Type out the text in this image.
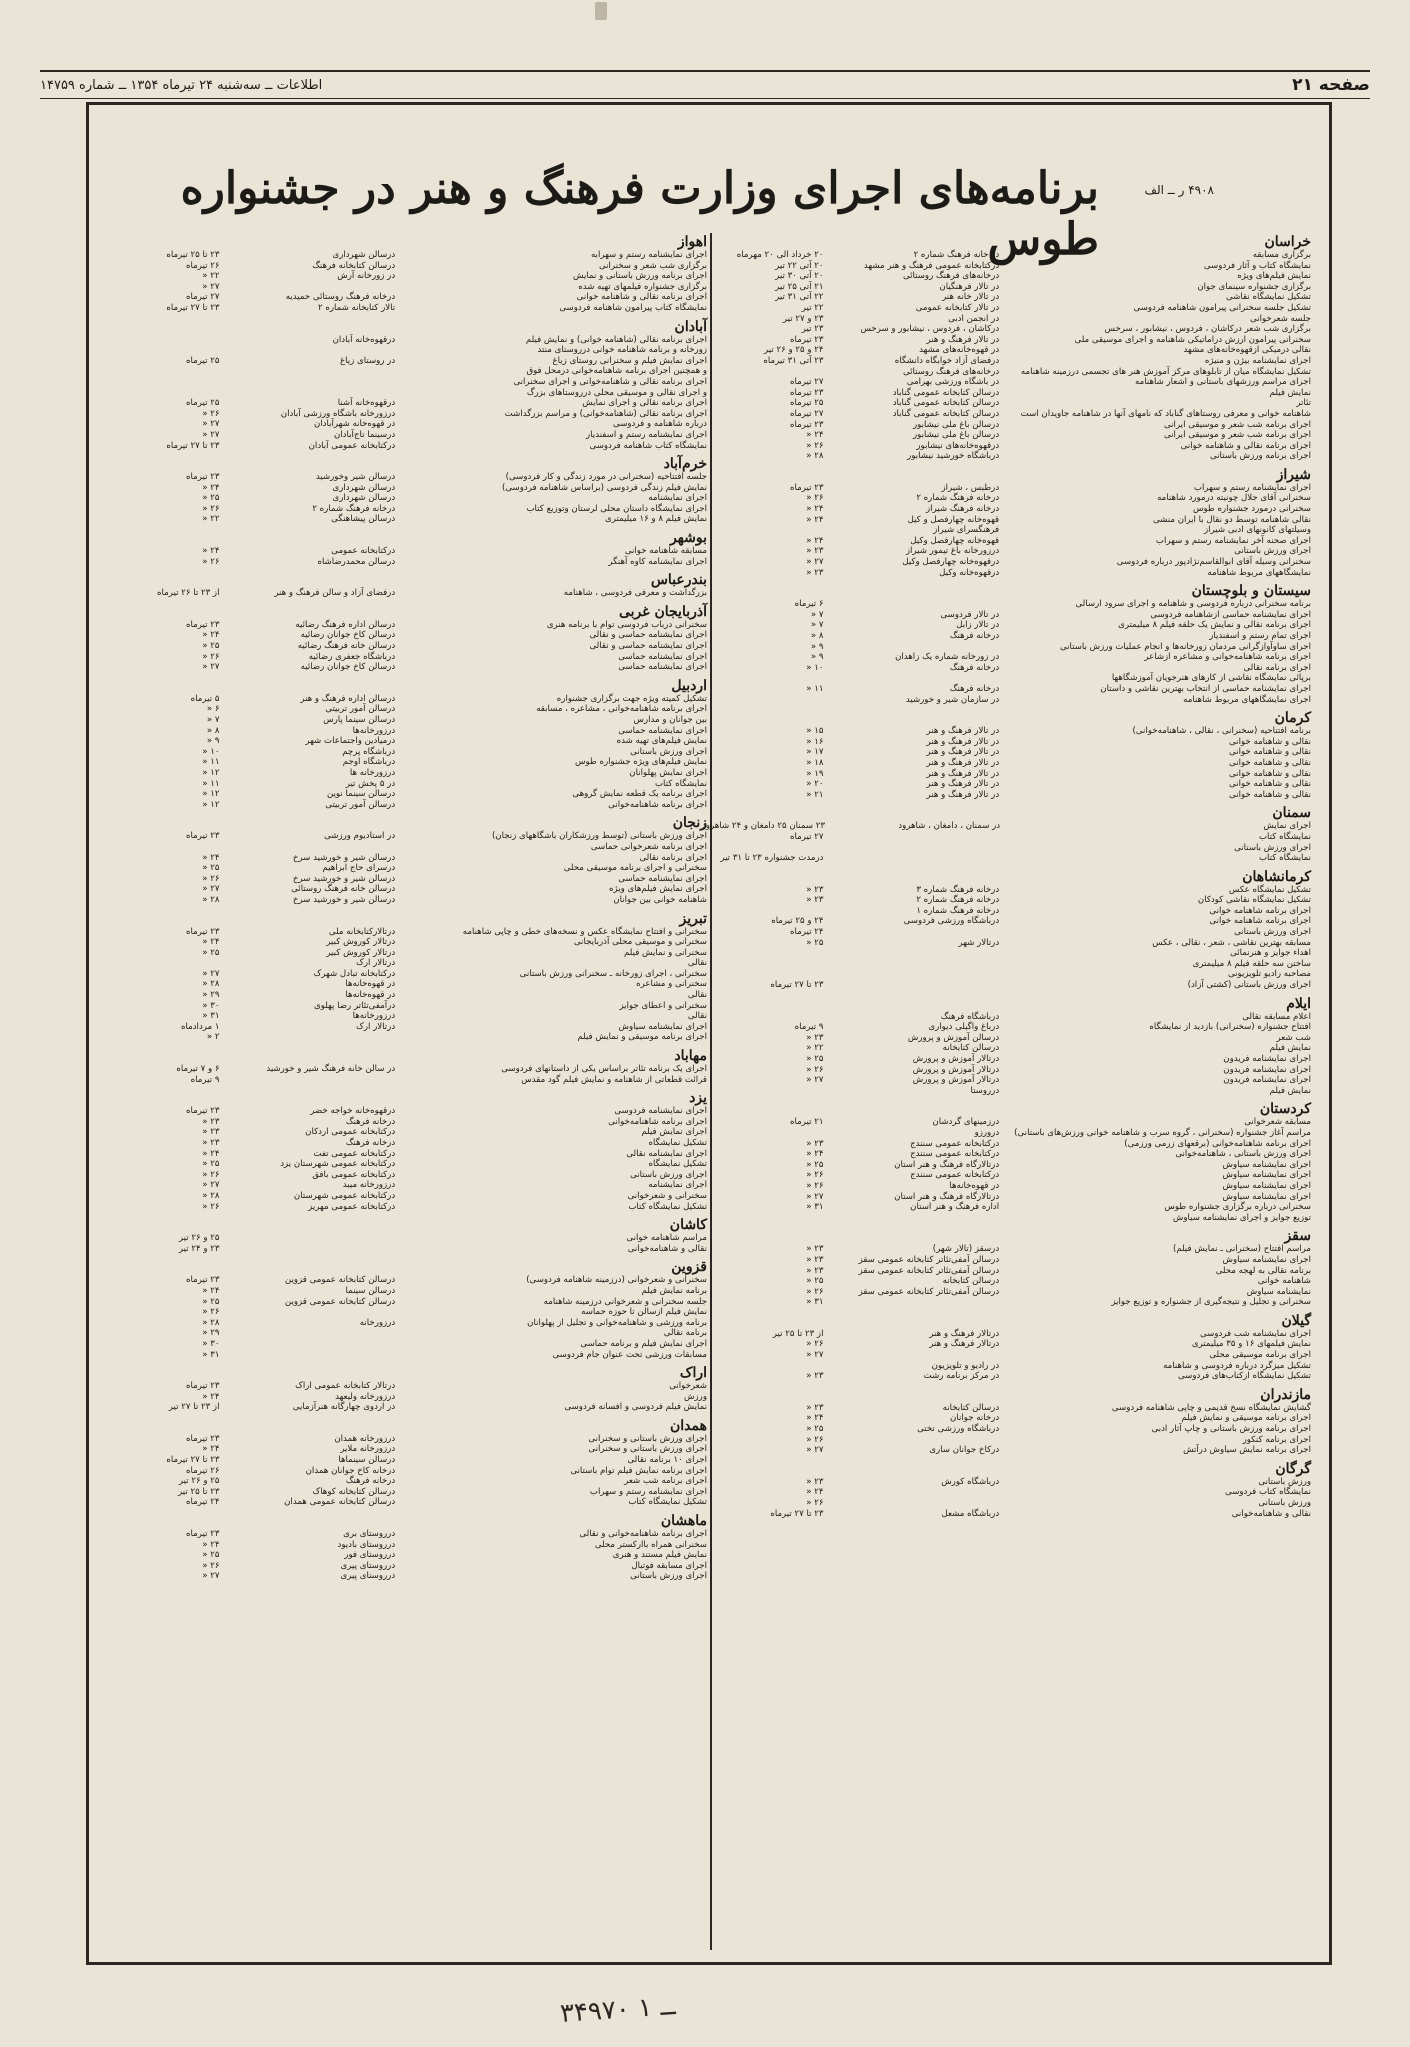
صفحه ۲۱
اطلاعات ــ سه‌شنبه ۲۴ تیرماه ۱۳۵۴ ــ شماره ۱۴۷۵۹
برنامه‌های اجرای وزارت فرهنگ و هنر در جشنواره طوس
۴۹۰۸ ر ــ الف
خراسان
برگزاری مسابقه
در خانه فرهنگ شماره ۲
۲۰ خرداد الی ۲۰ مهرماه
نمایشگاه کتاب و آثار فردوسی
درکتابخانه عمومی فرهنگ و هنر مشهد
۲۰ آتی ۲۲ تیر
نمایش فیلم‌های ویژه
درخانه‌های فرهنگ روستائی
۲۰ آتی ۳۰ تیر
برگزاری جشنواره سینمای جوان
در تالار فرهنگیان
۲۱ آتی ۲۵ تیر
تشکیل نمایشگاه نقاشی
در تالار خانه هنر
۲۲ آتی ۳۱ تیر
تشکیل جلسه سخنرانی پیرامون شاهنامه فردوسی
در تالار کتابخانه عمومی
۲۲ تیر
جلسه شعرخوانی
در انجمن ادبی
۲۳ و ۲۷ تیر
برگزاری شب شعر درکاشان ، فردوس ، نیشابور ، سرخس
درکاشان ، فردوس ، نیشابور و سرخس
۲۳ تیر
سخنرانی پیرامون ارزش دراماتیکی شاهنامه و اجرای موسیقی ملی
در تالار فرهنگ و هنر
۲۳ تیرماه
نقالی درمیکی ازقهوه‌خانه‌های مشهد
در قهوه‌خانه‌های مشهد
۲۴ و ۲۵ و ۲۶ تیر
اجرای نمایشنامه بیژن و منیژه
درفضای آزاد خوابگاه دانشگاه
۲۳ آتی ۳۱ تیرماه
تشکیل نمایشگاه میان از تابلو‌های مرکز آموزش هنر های تجسمی درزمینه شاهنامه
درخانه‌های فرهنگ روستائی
اجرای مراسم ورزشهای باستانی و اشعار شاهنامه
در باشگاه ورزشی بهرامی
۲۷ تیرماه
نمایش فیلم
درسالن کتابخانه عمومی گناباد
۲۳ تیرماه
تئاتر
درسالن کتابخانه عمومی گناباد
۲۵ تیرماه
شاهنامه خوانی و معرفی روستاهای گناباد که نامهای آنها در شاهنامه جاویدان است
درسالن کتابخانه عمومی گناباد
۲۷ تیرماه
اجرای برنامه شب شعر و موسیقی ایرانی
درسالن باغ ملی نیشابور
۲۳ تیرماه
اجرای برنامه شب شعر و موسیقی ایرانی
درسالن باغ ملی نیشابور
۲۴ «
اجرای برنامه نقالی و شاهنامه خوانی
درقهوه‌خانه‌های نیشابور
۲۶ «
اجرای برنامه ورزش باستانی
درباشگاه خورشید نیشابور
۲۸ «
شیراز
اجرای نمایشنامه رستم و سهراب
درطبس ، شیراز
۲۳ تیرماه
سخنرانی آقای جلال چونیته درمورد شاهنامه
درخانه فرهنگ شماره ۲
۲۶ «
سخنرانی درمورد جشنواره طوس
درخانه فرهنگ شیراز
۲۴ «
نقالی شاهنامه توسط دو نقال با ایران منشی
قهوه‌خانه چهارفصل و کیل
۲۴ «
وسیلتهای کانونهای ادبی شیراز
فرهنگسرای شیراز
اجرای صحنه آخر نمایشنامه رستم و سهراب
قهوه‌خانه چهارفصل وکیل
۲۴ «
اجرای ورزش باستانی
درزورخانه باغ تیمور شیراز
۲۳ «
سخنرانی وسیله آقای ابوالقاسم‌نژادپور درباره فردوسی
درقهوه‌خانه چهارفصل وکیل
۲۷ «
نمایشگاههای مربوط شاهنامه
درقهوه‌خانه وکیل
۲۳ «
سیستان و بلوچستان
برنامه سخنرانی درباره فردوسی و شاهنامه و اجرای سرود ارسالی
۶ تیرماه
اجرای نمایشنامه حماسی ازشاهنامه فردوسی
در تالار فردوسی
۷ «
اجرای برنامه نقالی و نمایش یک حلقه فیلم ۸ میلیمتری
در تالار زابل
۷ «
اجرای تمام رستم و اسفندیار
درخانه فرهنگ
۸ «
اجرای ساوآوازگرانی مردمان زورخانه‌ها و انجام عملیات ورزش باستانی
۹ «
اجرای برنامه شاهنامه‌خوانی و مشاعره ازشاعر
در زورخانه شماره یک زاهدان
۹ «
اجرای برنامه نقالی
درخانه فرهنگ
۱۰ «
برپائی نمایشگاه نقاشی از کارهای هنرجویان آموزشگاهها
اجرای نمایشنامه حماسی از انتخاب بهترین نقاشی و داستان
درخانه فرهنگ
۱۱ «
اجرای نمایشگاههای مربوط شاهنامه
در سازمان شیر و خورشید
کرمان
برنامه افتتاحیه (سخنرانی ، نقالی ، شاهنامه‌خوانی)
در تالار فرهنگ و هنر
۱۵ «
نقالی و شاهنامه خوانی
در تالار فرهنگ و هنر
۱۶ «
نقالی و شاهنامه خوانی
در تالار فرهنگ و هنر
۱۷ «
نقالی و شاهنامه خوانی
در تالار فرهنگ و هنر
۱۸ «
نقالی و شاهنامه خوانی
در تالار فرهنگ و هنر
۱۹ «
نقالی و شاهنامه خوانی
در تالار فرهنگ و هنر
۲۰ «
نقالی و شاهنامه خوانی
در تالار فرهنگ و هنر
۲۱ «
سمنان
اجرای نمایش
در سمنان ، دامغان ، شاهرود
۲۳ سمنان ۲۵ دامغان و ۲۴ شاهرود
نمایشگاه کتاب
۲۷ تیرماه
اجرای ورزش باستانی
نمایشگاه کتاب
درمدت جشنواره ۲۳ تا ۳۱ تیر
کرمانشاهان
تشکیل نمایشگاه عکس
درخانه فرهنگ شماره ۳
۲۳ «
تشکیل نمایشگاه نقاشی کودکان
درخانه فرهنگ شماره ۲
۲۳ «
اجرای برنامه شاهنامه خوانی
درخانه فرهنگ شماره ۱
اجرای برنامه شاهنامه خوانی
درباشگاه ورزشی فردوسی
۲۴ و ۲۵ تیرماه
اجرای ورزش باستانی
۲۴ تیرماه
مسابقه بهترین نقاشی ، شعر ، نقالی ، عکس
درتالار شهر
۲۵ «
اهداء جوایز و هنرنمائی
ساختن سه حلقه فیلم ۸ میلیمتری
مصاحبه رادیو تلویزیونی
اجرای ورزش باستانی (کشتی آزاد)
۲۳ تا ۲۷ تیرماه
ایلام
اعلام مسابقه نقالی
درباشگاه فرهنگ
افتتاح جشنواره (سخنرانی) بازدید از نمایشگاه
درباغ واگیلی دیواری
۹ تیرماه
شب شعر
درسالن آموزش و پرورش
۲۳ «
نمایش فیلم
درسالن کتابخانه
۲۲ «
اجرای نمایشنامه فریدون
درتالار آموزش و پرورش
۲۵ «
اجرای نمایشنامه فریدون
درتالار آموزش و پرورش
۲۶ «
اجرای نمایشنامه فریدون
درتالار آموزش و پرورش
۲۷ «
نمایش فیلم
درروستا
کردستان
مسابقه شعرخوانی
درزمینهای گردشان
۲۱ تیرماه
مراسم آغاز جشنواره (سخنرانی ، گروه سرب و شاهنامه خوانی ورزش‌های باستانی)
درورزو
اجرای برنامه شاهنامه‌خوانی (برقعهای زرمی ورزمی)
درکتابخانه عمومی سنندج
۲۳ «
اجرای ورزش باستانی ، شاهنامه‌خوانی
درکتابخانه عمومی سنندج
۲۴ «
اجرای نمایشنامه سیاوش
درتالارگاه فرهنگ و هنر استان
۲۵ «
اجرای نمایشنامه سیاوش
درکتابخانه عمومی سنندج
۲۶ «
اجرای نمایشنامه سیاوش
در قهوه‌خانه‌ها
۲۶ «
اجرای نمایشنامه سیاوش
درتالارگاه فرهنگ و هنر استان
۲۷ «
سخنرانی درباره برگزاری جشنواره طوس
اداره فرهنگ و هنر استان
۳۱ «
توزیع جوایز و اجرای نمایشنامه سیاوش
سقز
مراسم افتتاح (سخنرانی ـ نمایش فیلم)
درسقز (تالار شهر)
۲۳ «
اجرای نمایشنامه سیاوش
درسالن آمفی‌تئاتر کتابخانه عمومی سقز
۲۳ «
برنامه نقالی به لهجه محلی
درسالن آمفی‌تئاتر کتابخانه عمومی سقز
۲۳ «
شاهنامه خوانی
درسالن کتابخانه
۲۵ «
نمایشنامه سیاوش
درسالن آمفی‌تئاتر کتابخانه عمومی سقز
۲۶ «
سخنرانی و تجلیل و نتیجه‌گیری از جشنواره و توزیع جوایز
۳۱ «
گیلان
اجرای نمایشنامه شب فردوسی
درتالار فرهنگ و هنر
از ۲۳ تا ۲۵ تیر
نمایش فیلمهای ۱۶ و ۳۵ میلیمتری
درتالار فرهنگ و هنر
۲۶ «
اجرای برنامه موسیقی محلی
۲۷ «
تشکیل میزگرد درباره فردوسی و شاهنامه
در رادیو و تلویزیون
تشکیل نمایشگاه ازکتاب‌های فردوسی
در مرکز برنامه رشت
۲۳ «
مازندران
گشایش نمایشگاه نسخ قدیمی و چاپی شاهنامه فردوسی
درسالن کتابخانه
۲۳ «
اجرای برنامه موسیقی و نمایش فیلم
درخانه جوانان
۲۴ «
اجرای برنامه ورزش باستانی و چاپ آثار ادبی
درباشگاه ورزشی تختی
۲۵ «
اجرای برنامه کنکور
۲۶ «
اجرای برنامه نمایش سیاوش درآتش
درکاخ جوانان ساری
۲۷ «
گرگان
ورزش باستانی
درباشگاه کورش
۲۳ «
نمایشگاه کتاب فردوسی
۲۴ «
ورزش باستانی
۲۶ «
نقالی و شاهنامه‌خوانی
درباشگاه مشعل
۲۳ تا ۲۷ تیرماه
اهواز
اجرای نمایشنامه رستم و سهرابه
درسالن شهرداری
۲۳ تا ۲۵ تیرماه
برگزاری شب شعر و سخنرانی
درسالن کتابخانه فرهنگ
۲۶ تیرماه
اجرای برنامه ورزش باستانی و نمایش
در زورخانه آرش
۲۲ «
برگزاری جشنواره فیلمهای تهیه شده
۲۷ «
اجرای برنامه نقالی و شاهنامه خوانی
درخانه فرهنگ روستائی حمیدیه
۲۷ تیرماه
نمایشگاه کتاب پیرامون شاهنامه فردوسی
تالار کتابخانه شماره ۲
۲۳ تا ۲۷ تیرماه
آبادان
اجرای برنامه نقالی (شاهنامه خوانی) و نمایش فیلم
درقهوه‌خانه آبادان
زورخانه و برنامه شاهنامه خوانی درروستای منتد
اجرای نمایش فیلم و سخنرانی روستای زیاغ
در روستای زیاغ
۲۵ تیرماه
و همچنین اجرای برنامه شاهنامه‌خوانی درمحل فوق
اجرای برنامه نقالی و شاهنامه‌خوانی و اجرای سخنرانی
و اجرای نقالی و موسیقی محلی درروستاهای بزرگ
اجرای برنامه نقالی و اجرای نمایش
درقهوه‌خانه آشنا
۲۵ تیرماه
اجرای برنامه نقالی (شاهنامه‌خوانی) و مراسم بزرگداشت
درزورخانه باشگاه ورزشی آبادان
۲۶ «
درباره شاهنامه و فردوسی
در قهوه‌خانه شهرآبادان
۲۷ «
اجرای نمایشنامه رستم و اسفندیار
درسینما تاج‌آبادان
۲۷ «
نمایشگاه کتاب شاهنامه فردوسی
درکتابخانه عمومی آبادان
۲۳ تا ۲۷ تیرماه
خرم‌آباد
جلسه افتتاحیه (سخنرانی در مورد زندگی و کار فردوسی)
درسالن شیر وخورشید
۲۳ تیرماه
نمایش فیلم زندگی فردوسی (براساس شاهنامه فردوسی)
درسالن شهرداری
۲۴ «
اجرای نمایشنامه
درسالن شهرداری
۲۵ «
اجرای نمایشگاه داستان محلی لرستان وتوزیع کتاب
درخانه فرهنگ شماره ۲
۲۶ «
نمایش فیلم ۸ و ۱۶ میلیمتری
درسالن پیشاهنگی
۲۲ «
بوشهر
مسابقه شاهنامه خوانی
درکتابخانه عمومی
۲۴ «
اجرای نمایشنامه کاوه آهنگر
درسالن محمدرضاشاه
۲۶ «
بندرعباس
بزرگداشت و معرفی فردوسی ، شاهنامه
درفضای آزاد و سالن فرهنگ و هنر
از ۲۳ تا ۲۶ تیرماه
آذربایجان غربی
سخنرانی درباب فردوسی توام با برنامه هنری
درسالن اداره فرهنگ رضائیه
۲۳ تیرماه
اجرای نمایشنامه حماسی و نقالی
درسالن کاخ جوانان رضائیه
۲۴ «
اجرای نمایشنامه حماسی و نقالی
درسالن خانه فرهنگ رضائیه
۲۵ «
اجرای نمایشنامه حماسی
درباشگاه جعفری رضائیه
۲۶ «
اجرای نمایشنامه حماسی
درسالن کاخ جوانان رضائیه
۲۷ «
اردبیل
تشکیل کمیته ویژه جهت برگزاری جشنواره
درسالن اداره فرهنگ و هنر
۵ تیرماه
اجرای برنامه شاهنامه‌خوانی ، مشاعره ، مسابقه
درسالن آمور تربیتی
۶ «
بین جوانان و مدارس
درسالن سینما پارس
۷ «
اجرای نمایشنامه حماسی
درزورخانه‌ها
۸ «
نمایش فیلم‌های تهیه شده
درمیادین واجتماعات شهر
۹ «
اجرای ورزش باستانی
درباشگاه پرچم
۱۰ «
نمایش فیلم‌های ویژه جشنواره طوس
درباشگاه اوجم
۱۱ «
اجرای نمایش پهلوانان
درزورخانه ها
۱۲ «
نمایشگاه کتاب
در ۵ پخش تیر
۱۱ «
اجرای برنامه یک قطعه نمایش گروهی
درسالن سینما نوین
۱۲ «
اجرای برنامه شاهنامه‌خوانی
درسالن آمور تربیتی
۱۲ «
زنجان
اجرای ورزش باستانی (توسط ورزشکاران باشگاههای زنجان)
در استادیوم ورزشی
۲۳ تیرماه
اجرای برنامه شعرخوانی حماسی
اجرای برنامه نقالی
درسالن شیر و خورشید سرخ
۲۴ «
سخنرانی و اجرای برنامه موسیقی محلی
درسرای حاج ابراهیم
۲۵ «
اجرای نمایشنامه حماسی
درسالن شیر و خورشید سرخ
۲۶ «
اجرای نمایش فیلم‌های ویژه
درسالن خانه فرهنگ روستائی
۲۷ «
شاهنامه خوانی بین جوانان
درسالن شیر و خورشید سرخ
۲۸ «
تبریز
سخنرانی و افتتاح نمایشگاه عکس و نسخه‌های خطی و چاپی شاهنامه
درتالارکتابخانه ملی
۲۳ تیرماه
سخنرانی و موسیقی محلی آذربایجانی
درتالار کوروش کبیر
۲۴ «
سخنرانی و نمایش فیلم
درتالار کوروش کبیر
۲۵ «
نقالی
درتالار ارک
سخنرانی ، اجرای زورخانه ـ سخنرانی ورزش باستانی
درکتابخانه تبادل شهرک
۲۷ «
سخنرانی و مشاعره
در قهوه‌خانه‌ها
۲۸ «
نقالی
در قهوه‌خانه‌ها
۲۹ «
سخنرانی و اعطای جوایز
درآمفی‌تئاتر رضا پهلوی
۳۰ «
نقالی
درزورخانه‌ها
۳۱ «
اجرای نمایشنامه سیاوش
درتالار ارک
۱ مردادماه
اجرای برنامه موسیقی و نمایش فیلم
۲ «
مهاباد
اجرای یک برنامه تئاتر براساس یکی از داستانهای فردوسی
در سالن خانه فرهنگ شیر و خورشید
۶ و ۷ تیرماه
قرائت قطعاتی از شاهنامه و نمایش فیلم گود مقدس
۹ تیرماه
یزد
اجرای نمایشنامه فردوسی
درقهوه‌خانه خواجه خضر
۲۳ تیرماه
اجرای برنامه شاهنامه‌خوانی
درخانه فرهنگ
۲۳ «
اجرای نمایش فیلم
درکتابخانه عمومی اردکان
۲۳ «
تشکیل نمایشگاه
درخانه فرهنگ
۲۳ «
اجرای نمایشنامه نقالی
درکتابخانه عمومی تفت
۲۴ «
تشکیل نمایشگاه
درکتابخانه عمومی شهرستان یزد
۲۵ «
اجرای ورزش باستانی
درکتابخانه عمومی بافق
۲۶ «
اجرای نمایشنامه
درزورخانه میبد
۲۷ «
سخنرانی و شعرخوانی
درکتابخانه عمومی شهرستان
۲۸ «
تشکیل نمایشگاه کتاب
درکتابخانه عمومی مهریز
۲۶ «
کاشان
مراسم شاهنامه خوانی
۲۵ و ۲۶ تیر
نقالی و شاهنامه‌خوانی
۲۳ و ۲۴ تیر
قزوین
سخنرانی و شعرخوانی (درزمینه شاهنامه فردوسی)
درسالن کتابخانه عمومی قزوین
۲۳ تیرماه
برنامه نمایش فیلم
درسالن سینما
۲۴ «
جلسه سخنرانی و شعرخوانی درزمینه شاهنامه
درسالن کتابخانه عمومی قزوین
۲۵ «
نمایش فیلم ازسالن تا حوزه حماسه
۲۶ «
برنامه ورزشی و شاهنامه‌خوانی و تجلیل از پهلوانان
درزورخانه
۲۸ «
برنامه نقالی
۲۹ «
اجرای نمایش فیلم و برنامه حماسی
۳۰ «
مسابقات ورزشی تحت عنوان جام فردوسی
۳۱ «
اراک
شعرخوانی
درتالار کتابخانه عمومی اراک
۲۳ تیرماه
ورزش
درزورخانه ولیعهد
۲۴ «
نمایش فیلم فردوسی و افسانه فردوسی
در اردوی چهارگانه هنرآزمایی
از ۲۳ تا ۲۷ تیر
همدان
اجرای ورزش باستانی و سخنرانی
درزورخانه همدان
۲۳ تیرماه
اجرای ورزش باستانی و سخنرانی
درزورخانه ملایر
۲۴ «
اجرای ۱۰ برنامه نقالی
درسالن سینماها
۲۳ تا ۲۷ تیرماه
اجرای برنامه نمایش فیلم توام باستانی
درخانه کاخ جوانان همدان
۲۶ تیرماه
اجرای برنامه شب شعر
درخانه فرهنگ
۲۵ و ۲۶ تیر
اجرای نمایشنامه رستم و سهراب
درسالن کتابخانه کوهاک
۲۳ تا ۲۵ تیر
تشکیل نمایشگاه کتاب
درسالن کتابخانه عمومی همدان
۲۴ تیرماه
ماهشان
اجرای برنامه شاهنامه‌خوانی و نقالی
درروستای بری
۲۳ تیرماه
سخنرانی همراه باارکستر محلی
درروستای بادیود
۲۴ «
نمایش فیلم مستند و هنری
درروستای فور
۲۵ «
اجرای مسابقه فوتبال
درروستای پیری
۲۶ «
اجرای ورزش باستانی
درروستای پیری
۲۷ «
۳۴۹۷۰ ــ ۱
